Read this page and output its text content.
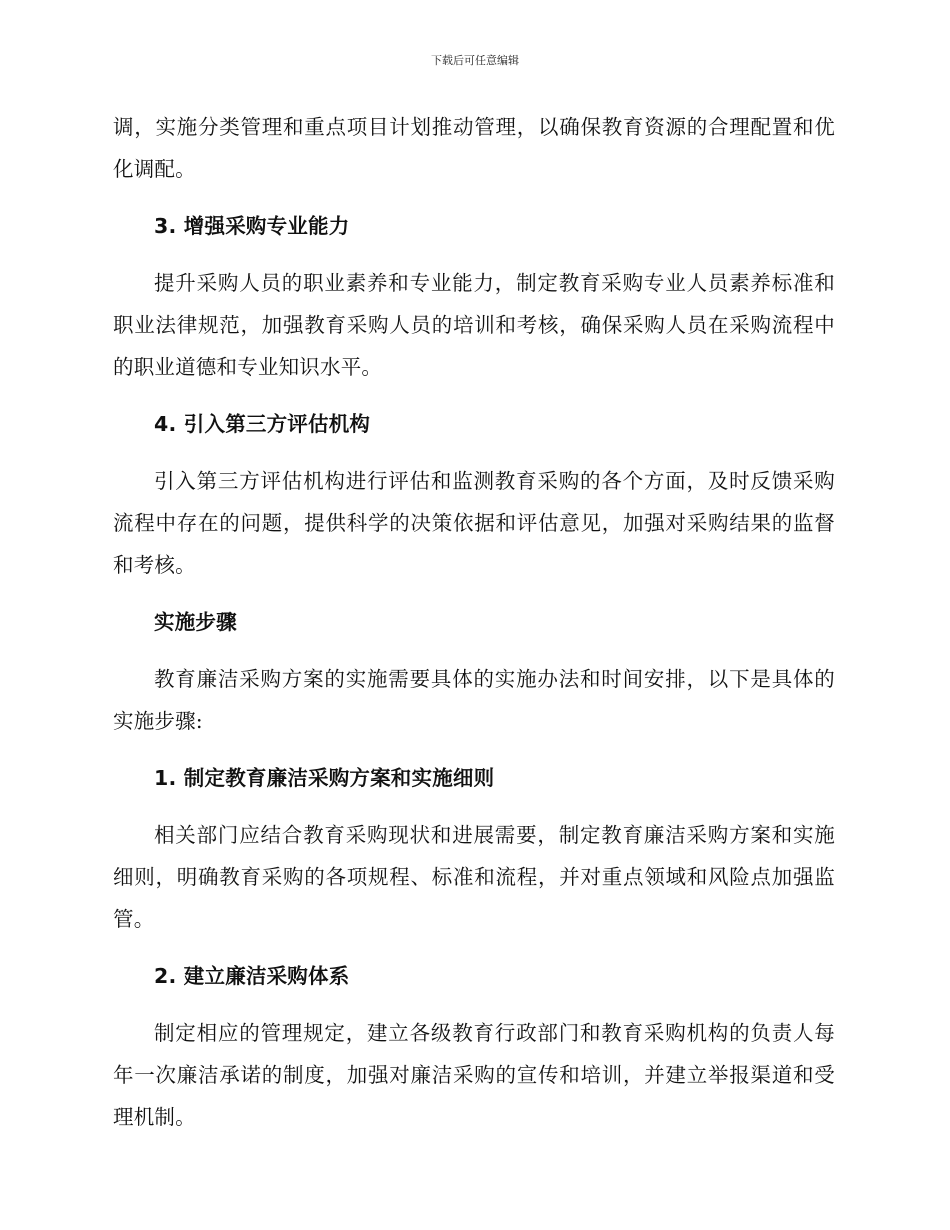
下载后可任意编辑

调，实施分类管理和重点项目计划推动管理，以确保教育资源的合理配置和优化调配。

3. 增强采购专业能力

提升采购人员的职业素养和专业能力，制定教育采购专业人员素养标准和职业法律规范，加强教育采购人员的培训和考核，确保采购人员在采购流程中的职业道德和专业知识水平。

4. 引入第三方评估机构

引入第三方评估机构进行评估和监测教育采购的各个方面，及时反馈采购流程中存在的问题，提供科学的决策依据和评估意见，加强对采购结果的监督和考核。

实施步骤

教育廉洁采购方案的实施需要具体的实施办法和时间安排，以下是具体的实施步骤:

1. 制定教育廉洁采购方案和实施细则

相关部门应结合教育采购现状和进展需要，制定教育廉洁采购方案和实施细则，明确教育采购的各项规程、标准和流程，并对重点领域和风险点加强监管。

2. 建立廉洁采购体系

制定相应的管理规定，建立各级教育行政部门和教育采购机构的负责人每年一次廉洁承诺的制度，加强对廉洁采购的宣传和培训，并建立举报渠道和受理机制。
